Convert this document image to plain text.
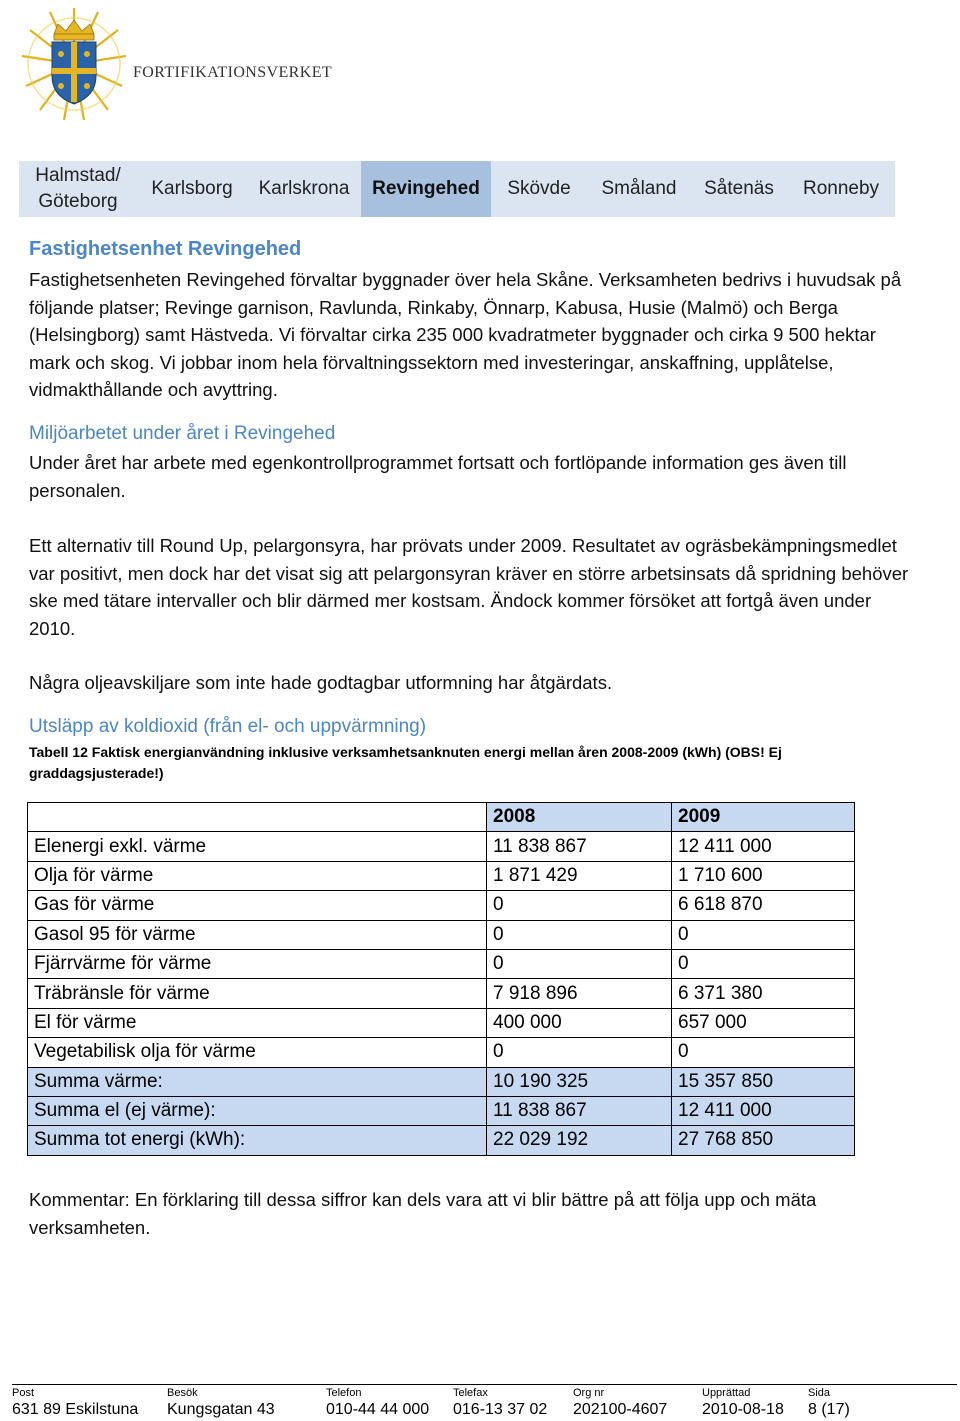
FORTIFIKATIONSVERKET
Halmstad/ Göteborg
Karlsborg	Karlskrona	Revingehed	Skövde	Småland	Såtenäs	Ronneby
Fastighetsenhet Revingehed
Fastighetsenheten Revingehed förvaltar byggnader över hela Skåne. Verksamheten bedrivs i huvudsak på följande platser; Revinge garnison, Ravlunda, Rinkaby, Önnarp, Kabusa, Husie (Malmö) och Berga (Helsingborg) samt Hästveda. Vi förvaltar cirka 235 000 kvadratmeter byggnader och cirka 9 500 hektar mark och skog. Vi jobbar inom hela förvaltningssektorn med investeringar, anskaffning, upplåtelse, vidmakthållande och avyttring.
Miljöarbetet under året i Revingehed
Under året har arbete med egenkontrollprogrammet fortsatt och fortlöpande information ges även till personalen.
Ett alternativ till Round Up, pelargonsyra, har prövats under 2009. Resultatet av ogräsbekämpningsmedlet var positivt, men dock har det visat sig att pelargonsyran kräver en större arbetsinsats då spridning behöver ske med tätare intervaller och blir därmed mer kostsam. Ändock kommer försöket att fortgå även under 2010.
Några oljeavskiljare som inte hade godtagbar utformning har åtgärdats.
Utsläpp av koldioxid (från el- och uppvärmning)
Tabell 12 Faktisk energianvändning inklusive verksamhetsanknuten energi mellan åren 2008-2009 (kWh) (OBS! Ej graddagsjusterade!)
	2008	2009
Elenergi exkl. värme	11 838 867	12 411 000
Olja för värme	1 871 429	1 710 600
Gas för värme	0	6 618 870
Gasol 95 för värme	0	0
Fjärrvärme för värme	0	0
Träbränsle för värme	7 918 896	6 371 380
El för värme	400 000	657 000
Vegetabilisk olja för värme	0	0
Summa värme:	10 190 325	15 357 850
Summa el (ej värme):	11 838 867	12 411 000
Summa tot energi (kWh):	22 029 192	27 768 850
Kommentar: En förklaring till dessa siffror kan dels vara att vi blir bättre på att följa upp och mäta verksamheten.
Post
631 89 Eskilstuna
Besök
Kungsgatan 43
Telefon
010-44 44 000
Telefax
016-13 37 02
Org nr
202100-4607
Upprättad
2010-08-18
Sida
8 (17)
